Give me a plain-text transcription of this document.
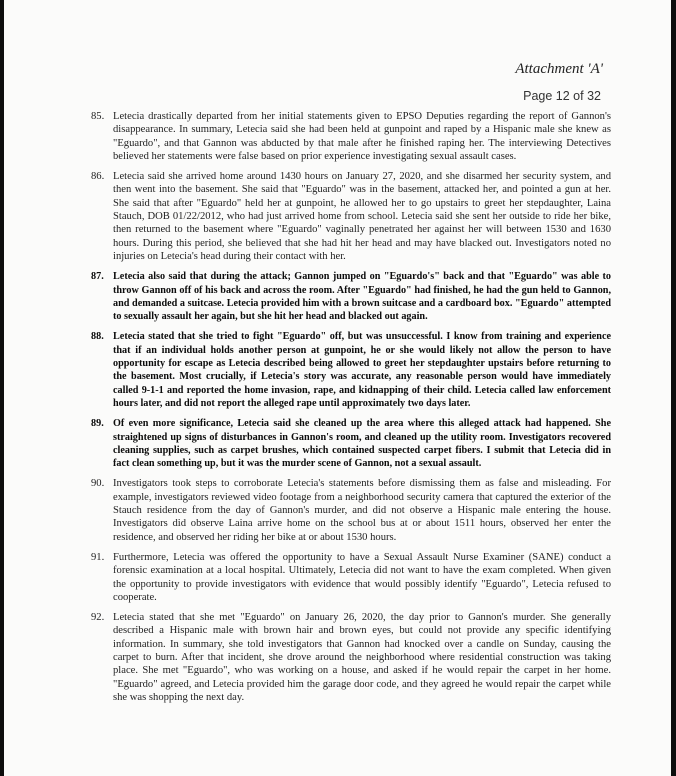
Attachment 'A'
Page 12 of 32
85. Letecia drastically departed from her initial statements given to EPSO Deputies regarding the report of Gannon's disappearance. In summary, Letecia said she had been held at gunpoint and raped by a Hispanic male she knew as "Eguardo", and that Gannon was abducted by that male after he finished raping her. The interviewing Detectives believed her statements were false based on prior experience investigating sexual assault cases.
86. Letecia said she arrived home around 1430 hours on January 27, 2020, and she disarmed her security system, and then went into the basement. She said that "Eguardo" was in the basement, attacked her, and pointed a gun at her. She said that after "Eguardo" held her at gunpoint, he allowed her to go upstairs to greet her stepdaughter, Laina Stauch, DOB 01/22/2012, who had just arrived home from school. Letecia said she sent her outside to ride her bike, then returned to the basement where "Eguardo" vaginally penetrated her against her will between 1530 and 1630 hours. During this period, she believed that she had hit her head and may have blacked out. Investigators noted no injuries on Letecia's head during their contact with her.
87. Letecia also said that during the attack; Gannon jumped on "Eguardo's" back and that "Eguardo" was able to throw Gannon off of his back and across the room. After "Eguardo" had finished, he had the gun held to Gannon, and demanded a suitcase. Letecia provided him with a brown suitcase and a cardboard box. "Eguardo" attempted to sexually assault her again, but she hit her head and blacked out again.
88. Letecia stated that she tried to fight "Eguardo" off, but was unsuccessful. I know from training and experience that if an individual holds another person at gunpoint, he or she would likely not allow the person to have opportunity for escape as Letecia described being allowed to greet her stepdaughter upstairs before returning to the basement. Most crucially, if Letecia's story was accurate, any reasonable person would have immediately called 9-1-1 and reported the home invasion, rape, and kidnapping of their child. Letecia called law enforcement hours later, and did not report the alleged rape until approximately two days later.
89. Of even more significance, Letecia said she cleaned up the area where this alleged attack had happened. She straightened up signs of disturbances in Gannon's room, and cleaned up the utility room. Investigators recovered cleaning supplies, such as carpet brushes, which contained suspected carpet fibers. I submit that Letecia did in fact clean something up, but it was the murder scene of Gannon, not a sexual assault.
90. Investigators took steps to corroborate Letecia's statements before dismissing them as false and misleading. For example, investigators reviewed video footage from a neighborhood security camera that captured the exterior of the Stauch residence from the day of Gannon's murder, and did not observe a Hispanic male entering the house. Investigators did observe Laina arrive home on the school bus at or about 1511 hours, observed her enter the residence, and observed her riding her bike at or about 1530 hours.
91. Furthermore, Letecia was offered the opportunity to have a Sexual Assault Nurse Examiner (SANE) conduct a forensic examination at a local hospital. Ultimately, Letecia did not want to have the exam completed. When given the opportunity to provide investigators with evidence that would possibly identify "Eguardo", Letecia refused to cooperate.
92. Letecia stated that she met "Eguardo" on January 26, 2020, the day prior to Gannon's murder. She generally described a Hispanic male with brown hair and brown eyes, but could not provide any specific identifying information. In summary, she told investigators that Gannon had knocked over a candle on Sunday, causing the carpet to burn. After that incident, she drove around the neighborhood where residential construction was taking place. She met "Eguardo", who was working on a house, and asked if he would repair the carpet in her home. "Eguardo" agreed, and Letecia provided him the garage door code, and they agreed he would repair the carpet while she was shopping the next day.
